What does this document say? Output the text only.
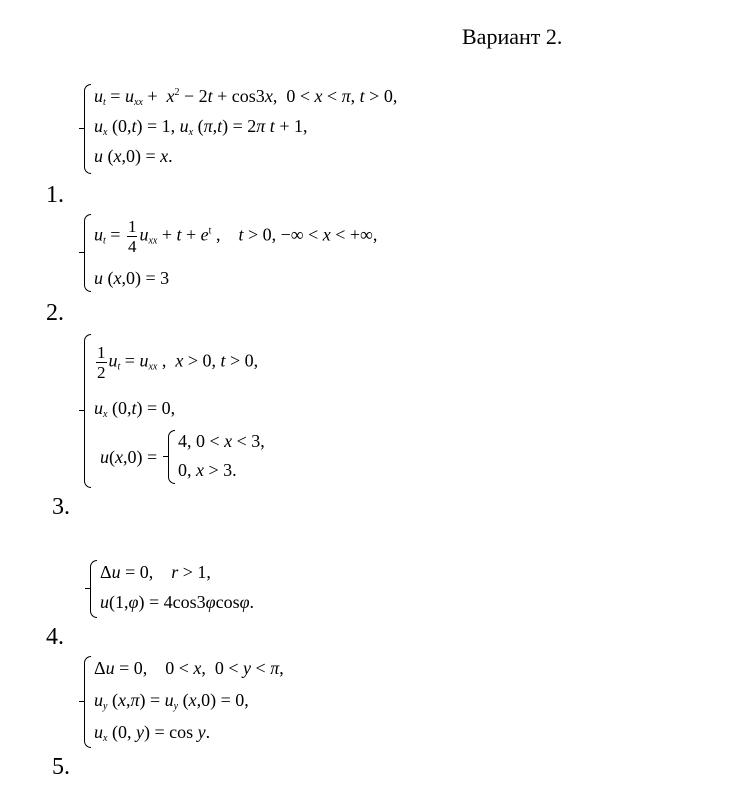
Вариант 2.
$u_t = u_{xx} + x^2 - 2t + \cos 3x$,  0 < x < π, t > 0,
$u_x$ (0,t) = 1, $u_x$ (π,t) = 2π t + 1,
u (x,0) = x.
1.
$u_t = \frac{1}{4} u_{xx} + t + e^t$ ,    t > 0, −∞ < x < +∞,
u (x,0) = 3
2.
$\frac{1}{2} u_t = u_{xx}$ ,  x > 0, t > 0,
$u_x$ (0,t) = 0,
u(x,0) =
4, 0 < x < 3,
0, x > 3.
3.
Δu = 0,    r > 1,
u(1,φ) = 4cos3φcosφ.
4.
Δu = 0,    0 < x,  0 < y < π,
$u_y$ $(x,\pi) = u_y$ (x,0) = 0,
$u_x$ (0, y) = cos y.
5.
